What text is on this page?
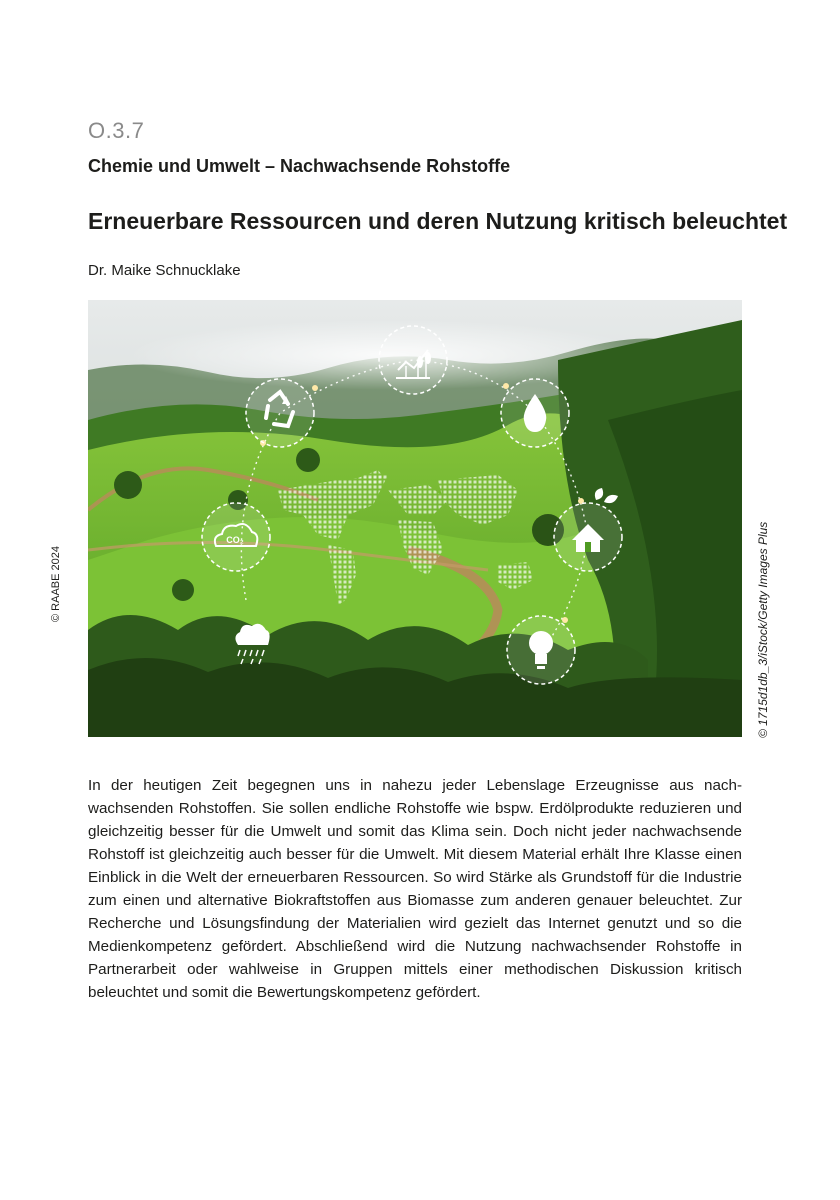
O.3.7
Chemie und Umwelt – Nachwachsende Rohstoffe
Erneuerbare Ressourcen und deren Nutzung kritisch beleuchtet
Dr. Maike Schnucklake
CO₂
© RAABE 2024	© 1715d1db_3/iStock/Getty Images Plus
In der heutigen Zeit begegnen uns in nahezu jeder Lebenslage Erzeugnisse aus nachwachsenden Rohstoffen. Sie sollen endliche Rohstoffe wie bspw. Erdölprodukte reduzieren und gleichzeitig besser für die Umwelt und somit das Klima sein. Doch nicht jeder nachwachsende Rohstoff ist gleichzeitig auch besser für die Umwelt. Mit diesem Material erhält Ihre Klasse einen Einblick in die Welt der erneuerbaren Ressourcen. So wird Stärke als Grundstoff für die Industrie zum einen und alternative Biokraftstoffen aus Biomasse zum anderen genauer beleuchtet. Zur Recherche und Lösungsfindung der Materialien wird gezielt das Internet genutzt und so die Medienkompetenz gefördert. Abschließend wird die Nutzung nachwachsender Rohstoffe in Partnerarbeit oder wahlweise in Gruppen mittels einer methodischen Diskussion kritisch beleuchtet und somit die Bewertungskompetenz gefördert.
